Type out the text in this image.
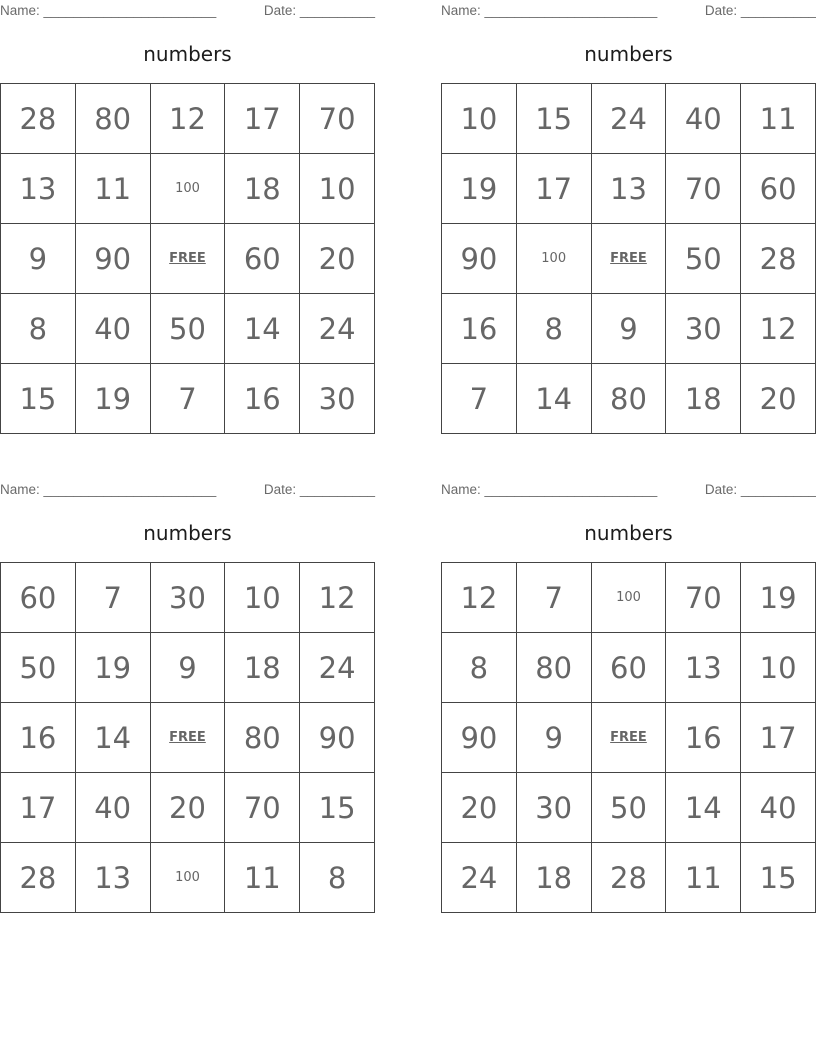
Name: _______________________	Date: __________
numbers
28	80	12	17	70
13	11	100	18	10
9	90	FREE	60	20
8	40	50	14	24
15	19	7	16	30
Name: _______________________	Date: __________
numbers
10	15	24	40	11
19	17	13	70	60
90	100	FREE	50	28
16	8	9	30	12
7	14	80	18	20
Name: _______________________	Date: __________
numbers
60	7	30	10	12
50	19	9	18	24
16	14	FREE	80	90
17	40	20	70	15
28	13	100	11	8
Name: _______________________	Date: __________
numbers
12	7	100	70	19
8	80	60	13	10
90	9	FREE	16	17
20	30	50	14	40
24	18	28	11	15
